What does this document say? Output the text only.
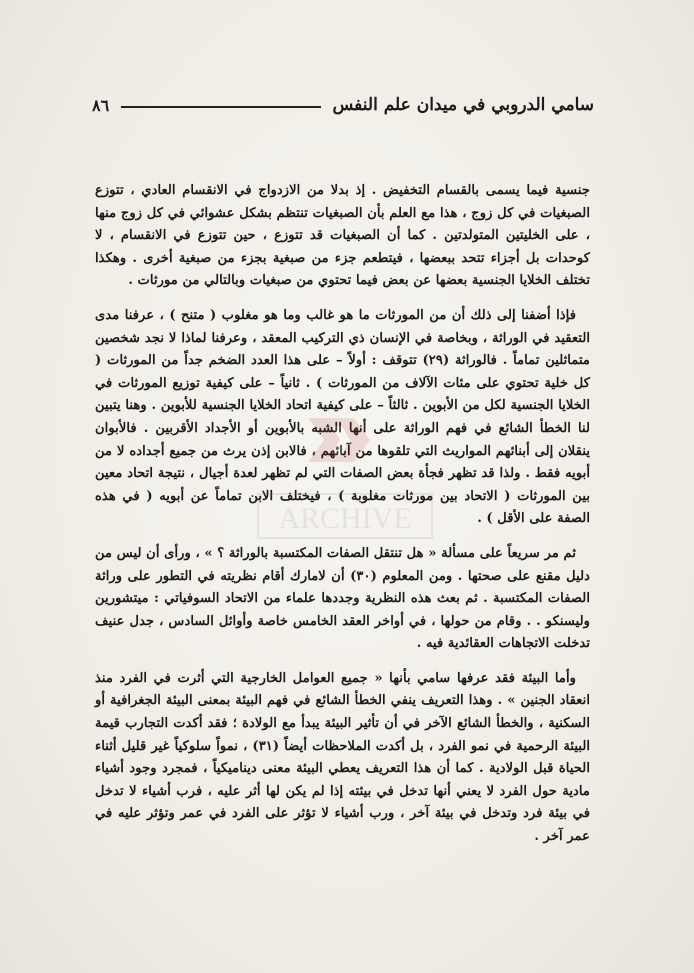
سامي الدروبي في ميدان علم النفس
٨٦

جنسية فيما يسمى بالقسام التخفيض . إذ بدلا من الازدواج في الانقسام العادي ، تتوزع الصبغيات في كل زوج ، هذا مع العلم بأن الصبغيات تنتظم بشكل عشوائي في كل زوج منها ، على الخليتين المتولدتين . كما أن الصبغيات قد تتوزع ، حين تتوزع في الانقسام ، لا كوحدات بل أجزاء تتحد ببعضها ، فيتطعم جزء من صبغية بجزء من صبغية أخرى . وهكذا تختلف الخلايا الجنسية بعضها عن بعض فيما تحتوي من صبغيات وبالتالي من مورثات .

فإذا أضفنا إلى ذلك أن من المورثات ما هو غالب وما هو مغلوب ( متنح ) ، عرفنا مدى التعقيد في الوراثة ، وبخاصة في الإنسان ذي التركيب المعقد ، وعرفنا لماذا لا نجد شخصين متماثلين تماماً . فالوراثة (٢٩) تتوقف : أولاً – على هذا العدد الضخم جداً من المورثات ( كل خلية تحتوي على مئات الآلاف من المورثات ) . ثانياً – على كيفية توزيع المورثات في الخلايا الجنسية لكل من الأبوين . ثالثاً – على كيفية اتحاد الخلايا الجنسية للأبوين . وهنا يتبين لنا الخطأ الشائع في فهم الوراثة على أنها الشبه بالأبوين أو الأجداد الأقربين . فالأبوان ينقلان إلى أبنائهم المواريث التي تلقوها من آبائهم ، فالابن إذن يرث من جميع أجداده لا من أبويه فقط . ولذا قد تظهر فجأة بعض الصفات التي لم تظهر لعدة أجيال ، نتيجة اتحاد معين بين المورثات ( الاتحاد بين مورثات مغلوبة ) ، فيختلف الابن تماماً عن أبويه ( في هذه الصفة على الأقل ) .

ثم مر سريعاً على مسألة « هل تنتقل الصفات المكتسبة بالوراثة ؟ » ، ورأى أن ليس من دليل مقنع على صحتها . ومن المعلوم (٣٠) أن لامارك أقام نظريته في التطور على وراثة الصفات المكتسبة . ثم بعث هذه النظرية وجددها علماء من الاتحاد السوفياتي : ميتشورين وليسنكو . . وقام من حولها ، في أواخر العقد الخامس خاصة وأوائل السادس ، جدل عنيف تدخلت الاتجاهات العقائدية فيه .

وأما البيئة فقد عرفها سامي بأنها « جميع العوامل الخارجية التي أثرت في الفرد منذ انعقاد الجنين » . وهذا التعريف ينفي الخطأ الشائع في فهم البيئة بمعنى البيئة الجغرافية أو السكنية ، والخطأ الشائع الآخر في أن تأثير البيئة يبدأ مع الولادة ؛ فقد أكدت التجارب قيمة البيئة الرحمية في نمو الفرد ، بل أكدت الملاحظات أيضاً (٣١) ، نمواً سلوكياً غير قليل أثناء الحياة قبل الولادية . كما أن هذا التعريف يعطي البيئة معنى ديناميكياً ، فمجرد وجود أشياء مادية حول الفرد لا يعني أنها تدخل في بيئته إذا لم يكن لها أثر عليه ، فرب أشياء لا تدخل في بيئة فرد وتدخل في بيئة آخر ، ورب أشياء لا تؤثر على الفرد في عمر وتؤثر عليه في عمر آخر .

ARCHIVE
